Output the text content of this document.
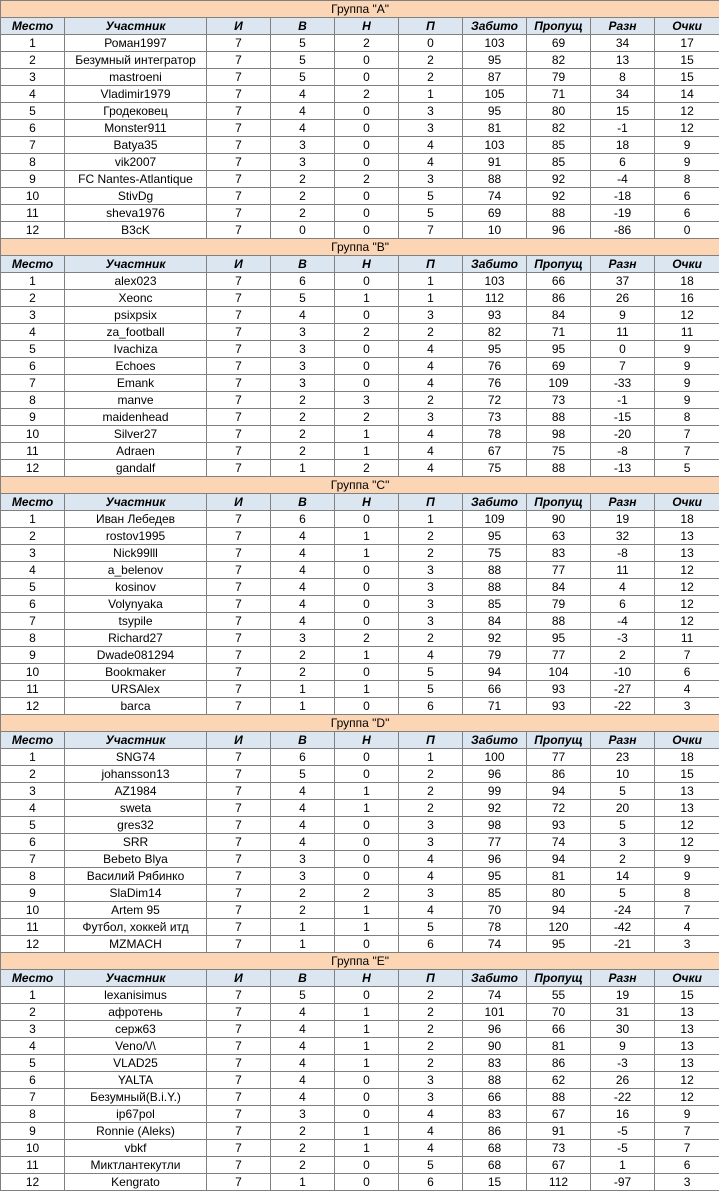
Группа "A"									
Место	Участник	И	В	Н	П	Забито	Пропущ	Разн	Очки
1	Роман1997	7	5	2	0	103	69	34	17
2	Безумный интегратор	7	5	0	2	95	82	13	15
3	mastroeni	7	5	0	2	87	79	8	15
4	Vladimir1979	7	4	2	1	105	71	34	14
5	Гродековец	7	4	0	3	95	80	15	12
6	Monster911	7	4	0	3	81	82	-1	12
7	Batya35	7	3	0	4	103	85	18	9
8	vik2007	7	3	0	4	91	85	6	9
9	FC Nantes-Atlantique	7	2	2	3	88	92	-4	8
10	StivDg	7	2	0	5	74	92	-18	6
11	sheva1976	7	2	0	5	69	88	-19	6
12	B3cK	7	0	0	7	10	96	-86	0
Группа "B"									
Место	Участник	И	В	Н	П	Забито	Пропущ	Разн	Очки
1	alex023	7	6	0	1	103	66	37	18
2	Xeonc	7	5	1	1	112	86	26	16
3	psixpsix	7	4	0	3	93	84	9	12
4	za_football	7	3	2	2	82	71	11	11
5	Ivachiza	7	3	0	4	95	95	0	9
6	Echoes	7	3	0	4	76	69	7	9
7	Emank	7	3	0	4	76	109	-33	9
8	manve	7	2	3	2	72	73	-1	9
9	maidenhead	7	2	2	3	73	88	-15	8
10	Silver27	7	2	1	4	78	98	-20	7
11	Adraen	7	2	1	4	67	75	-8	7
12	gandalf	7	1	2	4	75	88	-13	5
Группа "C"									
Место	Участник	И	В	Н	П	Забито	Пропущ	Разн	Очки
1	Иван Лебедев	7	6	0	1	109	90	19	18
2	rostov1995	7	4	1	2	95	63	32	13
3	Nick99lll	7	4	1	2	75	83	-8	13
4	a_belenov	7	4	0	3	88	77	11	12
5	kosinov	7	4	0	3	88	84	4	12
6	Volynyaka	7	4	0	3	85	79	6	12
7	tsypile	7	4	0	3	84	88	-4	12
8	Richard27	7	3	2	2	92	95	-3	11
9	Dwade081294	7	2	1	4	79	77	2	7
10	Bookmaker	7	2	0	5	94	104	-10	6
11	URSAlex	7	1	1	5	66	93	-27	4
12	barca	7	1	0	6	71	93	-22	3
Группа "D"									
Место	Участник	И	В	Н	П	Забито	Пропущ	Разн	Очки
1	SNG74	7	6	0	1	100	77	23	18
2	johansson13	7	5	0	2	96	86	10	15
3	AZ1984	7	4	1	2	99	94	5	13
4	sweta	7	4	1	2	92	72	20	13
5	gres32	7	4	0	3	98	93	5	12
6	SRR	7	4	0	3	77	74	3	12
7	Bebeto Blya	7	3	0	4	96	94	2	9
8	Василий Рябинко	7	3	0	4	95	81	14	9
9	SlaDim14	7	2	2	3	85	80	5	8
10	Artem 95	7	2	1	4	70	94	-24	7
11	Футбол, хоккей итд	7	1	1	5	78	120	-42	4
12	MZMACH	7	1	0	6	74	95	-21	3
Группа "E"									
Место	Участник	И	В	Н	П	Забито	Пропущ	Разн	Очки
1	lexanisimus	7	5	0	2	74	55	19	15
2	афротень	7	4	1	2	101	70	31	13
3	серж63	7	4	1	2	96	66	30	13
4	Veno/\/\	7	4	1	2	90	81	9	13
5	VLAD25	7	4	1	2	83	86	-3	13
6	YALTA	7	4	0	3	88	62	26	12
7	Безумный(B.i.Y.)	7	4	0	3	66	88	-22	12
8	ip67pol	7	3	0	4	83	67	16	9
9	Ronnie (Aleks)	7	2	1	4	86	91	-5	7
10	vbkf	7	2	1	4	68	73	-5	7
11	Миктлантекутли	7	2	0	5	68	67	1	6
12	Kengrato	7	1	0	6	15	112	-97	3
